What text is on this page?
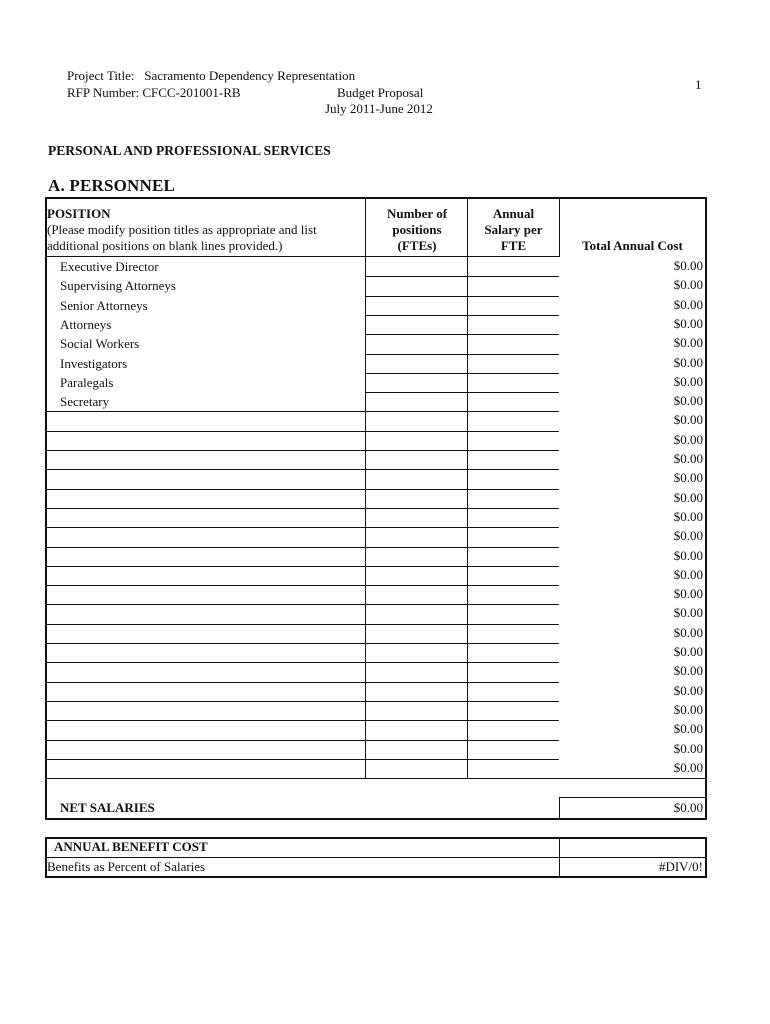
Project Title: Sacramento Dependency Representation
RFP Number: CFCC-201001-RB	Budget Proposal
July 2011-June 2012
1
PERSONAL AND PROFESSIONAL SERVICES
A. PERSONNEL
POSITION
(Please modify position titles as appropriate and list
additional positions on blank lines provided.)
Number of
positions
(FTEs)
Annual
Salary per
FTE	Total Annual Cost
Executive Director	$0.00
Supervising Attorneys	$0.00
Senior Attorneys	$0.00
Attorneys	$0.00
Social Workers	$0.00
Investigators	$0.00
Paralegals	$0.00
Secretary	$0.00
$0.00
$0.00
$0.00
$0.00
$0.00
$0.00
$0.00
$0.00
$0.00
$0.00
$0.00
$0.00
$0.00
$0.00
$0.00
$0.00
$0.00
$0.00
$0.00
NET SALARIES	$0.00
ANNUAL BENEFIT COST
Benefits as Percent of Salaries	#DIV/0!
